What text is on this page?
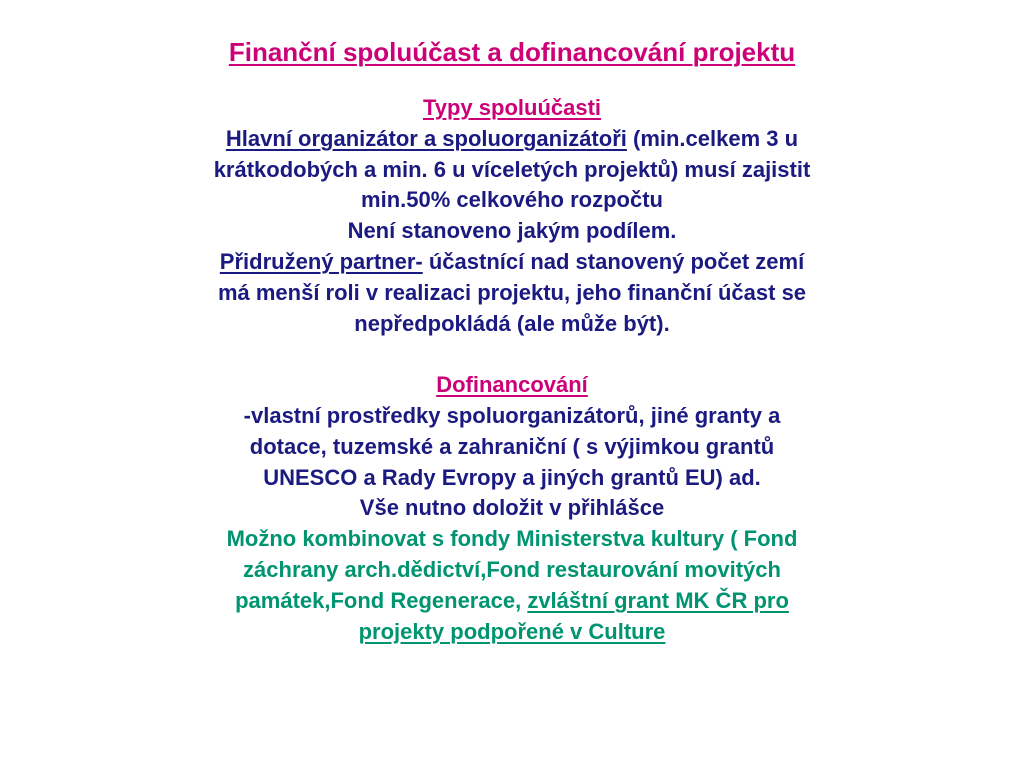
Finanční spoluúčast a dofinancování projektu
Typy spoluúčasti
Hlavní organizátor a spoluorganizátoři (min.celkem 3 u
krátkodobých a min. 6 u víceletých projektů) musí zajistit
min.50% celkového rozpočtu
Není stanoveno jakým podílem.
Přidružený partner- účastnící nad stanovený počet zemí
má menší roli v realizaci projektu, jeho finanční účast se
nepředpokládá (ale může být).
Dofinancování
-vlastní prostředky spoluorganizátorů, jiné granty a
dotace, tuzemské a zahraniční ( s výjimkou grantů
UNESCO a Rady Evropy a jiných grantů EU) ad.
Vše nutno doložit v přihlášce
Možno kombinovat s fondy Ministerstva kultury ( Fond
záchrany arch.dědictví,Fond restaurování movitých
památek,Fond Regenerace, zvláštní grant MK ČR pro
projekty podpořené v Culture
